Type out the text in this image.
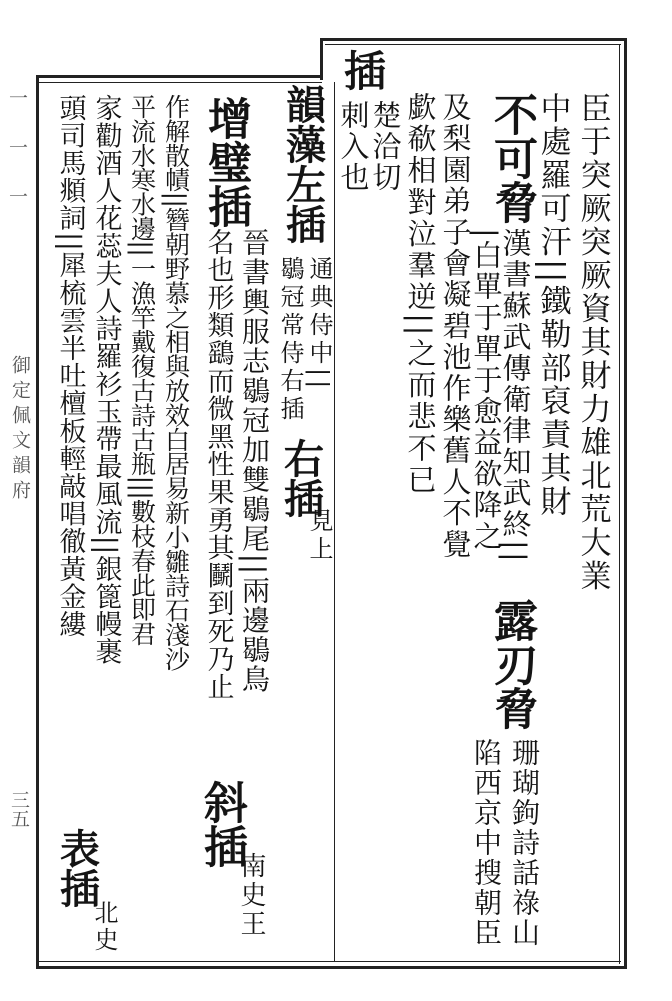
一 一 一
御定佩文韻府
三五
插
臣于突厥突厥資其財力雄北荒大業
中處羅可汗||鐵勒部裒責其財
不可脅
漢書蘇武傳衛律知武終||
露刃脅
珊瑚鉤詩話祿山
|白單于單于愈益欲降之
陷西京中搜朝臣
及梨園弟子會凝碧池作樂舊人不覺
歔欷相對泣羣逆||之而悲不已
楚洽切
刺入也
韻藻左插
通典侍中||
右插
見上
鶡冠常侍右插
增璧插
晉書輿服志鶡冠加雙鶡尾||兩邊鶡鳥
名也形類鷂而微黑性果勇其鬭到死乃止
斜插
南史王
作解散幘||簪朝野慕之相與放效白居易新小雛詩石淺沙
平流水寒水邊||一漁竿戴復古詩古瓶|||數枝春此即君
家勸酒人花蕊夫人詩羅衫玉帶最風流||銀篦幔裹
表插
北史
頭司馬頫詞||犀梳雲半吐檀板輕敲唱徹黃金縷
